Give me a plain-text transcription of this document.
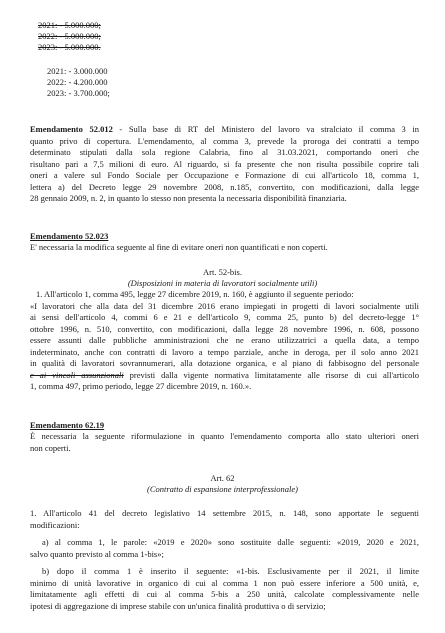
2021: - 5.000.000;
2022: - 5.000.000;
2023: - 5.000.000.
2021: - 3.000.000
2022: - 4.200.000
2023: - 3.700.000;
Emendamento 52.012 - Sulla base di RT del Ministero del lavoro va stralciato il comma 3 in
quanto privo di copertura. L'emendamento, al comma 3, prevede la proroga dei contratti a tempo
determinato stipulati dalla sola regione Calabria, fino al 31.03.2021, comportando oneri che
risultano pari a 7,5 milioni di euro. Al riguardo, si fa presente che non risulta possibile coprire tali
oneri a valere sul Fondo Sociale per Occupazione e Formazione di cui all'articolo 18, comma 1,
lettera a) del Decreto legge 29 novembre 2008, n.185, convertito, con modificazioni, dalla legge
28 gennaio 2009, n. 2, in quanto lo stesso non presenta la necessaria disponibilità finanziaria.
Emendamento 52.023
E' necessaria la modifica seguente al fine di evitare oneri non quantificati e non coperti.
Art. 52-bis.
(Disposizioni in materia di lavoratori socialmente utili)
1. All'articolo 1, comma 495, legge 27 dicembre 2019, n. 160, è aggiunto il seguente periodo:
«I lavoratori che alla data del 31 dicembre 2016 erano impiegati in progetti di lavori socialmente utili
ai sensi dell'articolo 4, commi 6 e 21 e dell'articolo 9, comma 25, punto b) del decreto-legge 1°
ottobre 1996, n. 510, convertito, con modificazioni, dalla legge 28 novembre 1996, n. 608, possono
essere assunti dalle pubbliche amministrazioni che ne erano utilizzatrici a quella data, a tempo
indeterminato, anche con contratti di lavoro a tempo parziale, anche in deroga, per il solo anno 2021
in qualità di lavoratori sovrannumerari, alla dotazione organica, e al piano di fabbisogno del personale
e ai vincoli assunzionali previsti dalla vigente normativa limitatamente alle risorse di cui all'articolo
1, comma 497, primo periodo, legge 27 dicembre 2019, n. 160.».
Emendamento 62.19
È necessaria la seguente riformulazione in quanto l'emendamento comporta allo stato ulteriori oneri
non coperti.
Art. 62
(Contratto di espansione interprofessionale)
1. All'articolo 41 del decreto legislativo 14 settembre 2015, n. 148, sono apportate le seguenti
modificazioni:
a) al comma 1, le parole: «2019 e 2020» sono sostituite dalle seguenti: «2019, 2020 e 2021,
salvo quanto previsto al comma 1-bis»;
b) dopo il comma 1 è inserito il seguente: «1-bis. Esclusivamente per il 2021, il limite
minimo di unità lavorative in organico di cui al comma 1 non può essere inferiore a 500 unità, e,
limitatamente agli effetti di cui al comma 5-bis a 250 unità, calcolate complessivamente nelle
ipotesi di aggregazione di imprese stabile con un'unica finalità produttiva o di servizio;
